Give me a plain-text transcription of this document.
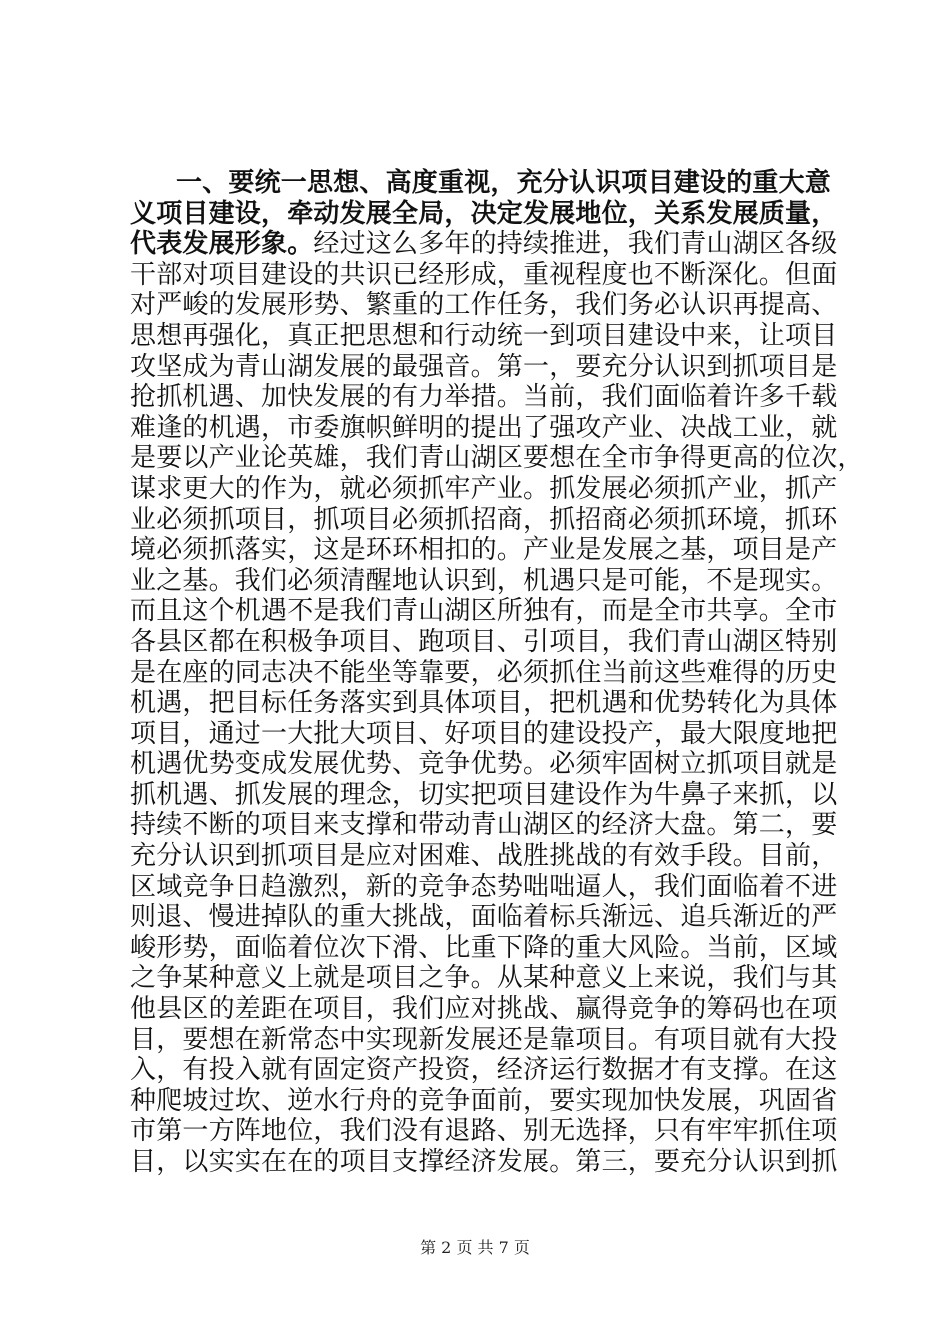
一、要统一思想、高度重视，充分认识项目建设的重大意
义项目建设，牵动发展全局，决定发展地位，关系发展质量，
代表发展形象。经过这么多年的持续推进，我们青山湖区各级
干部对项目建设的共识已经形成，重视程度也不断深化。但面
对严峻的发展形势、繁重的工作任务，我们务必认识再提高、
思想再强化，真正把思想和行动统一到项目建设中来，让项目
攻坚成为青山湖发展的最强音。第一，要充分认识到抓项目是
抢抓机遇、加快发展的有力举措。当前，我们面临着许多千载
难逢的机遇，市委旗帜鲜明的提出了强攻产业、决战工业，就
是要以产业论英雄，我们青山湖区要想在全市争得更高的位次，
谋求更大的作为，就必须抓牢产业。抓发展必须抓产业，抓产
业必须抓项目，抓项目必须抓招商，抓招商必须抓环境，抓环
境必须抓落实，这是环环相扣的。产业是发展之基，项目是产
业之基。我们必须清醒地认识到，机遇只是可能，不是现实。
而且这个机遇不是我们青山湖区所独有，而是全市共享。全市
各县区都在积极争项目、跑项目、引项目，我们青山湖区特别
是在座的同志决不能坐等靠要，必须抓住当前这些难得的历史
机遇，把目标任务落实到具体项目，把机遇和优势转化为具体
项目，通过一大批大项目、好项目的建设投产，最大限度地把
机遇优势变成发展优势、竞争优势。必须牢固树立抓项目就是
抓机遇、抓发展的理念，切实把项目建设作为牛鼻子来抓，以
持续不断的项目来支撑和带动青山湖区的经济大盘。第二，要
充分认识到抓项目是应对困难、战胜挑战的有效手段。目前，
区域竞争日趋激烈，新的竞争态势咄咄逼人，我们面临着不进
则退、慢进掉队的重大挑战，面临着标兵渐远、追兵渐近的严
峻形势，面临着位次下滑、比重下降的重大风险。当前，区域
之争某种意义上就是项目之争。从某种意义上来说，我们与其
他县区的差距在项目，我们应对挑战、赢得竞争的筹码也在项
目，要想在新常态中实现新发展还是靠项目。有项目就有大投
入，有投入就有固定资产投资，经济运行数据才有支撑。在这
种爬坡过坎、逆水行舟的竞争面前，要实现加快发展，巩固省
市第一方阵地位，我们没有退路、别无选择，只有牢牢抓住项
目，以实实在在的项目支撑经济发展。第三，要充分认识到抓
第 2 页 共 7 页
